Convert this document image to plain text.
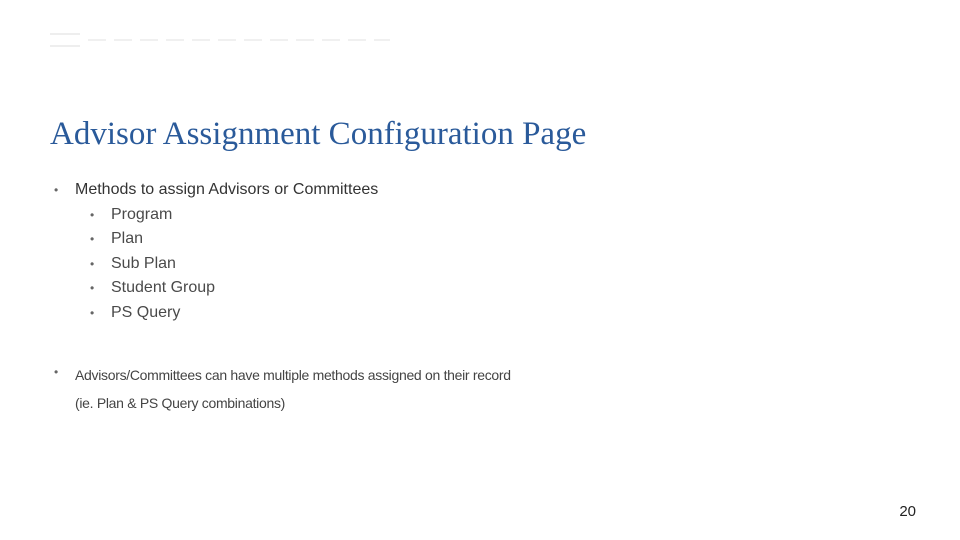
Advisor Assignment Configuration Page
• Methods to assign Advisors or Committees
• Program
• Plan
• Sub Plan
• Student Group
• PS Query
• Advisors/Committees can have multiple methods assigned on their record (ie. Plan & PS Query combinations)
20
